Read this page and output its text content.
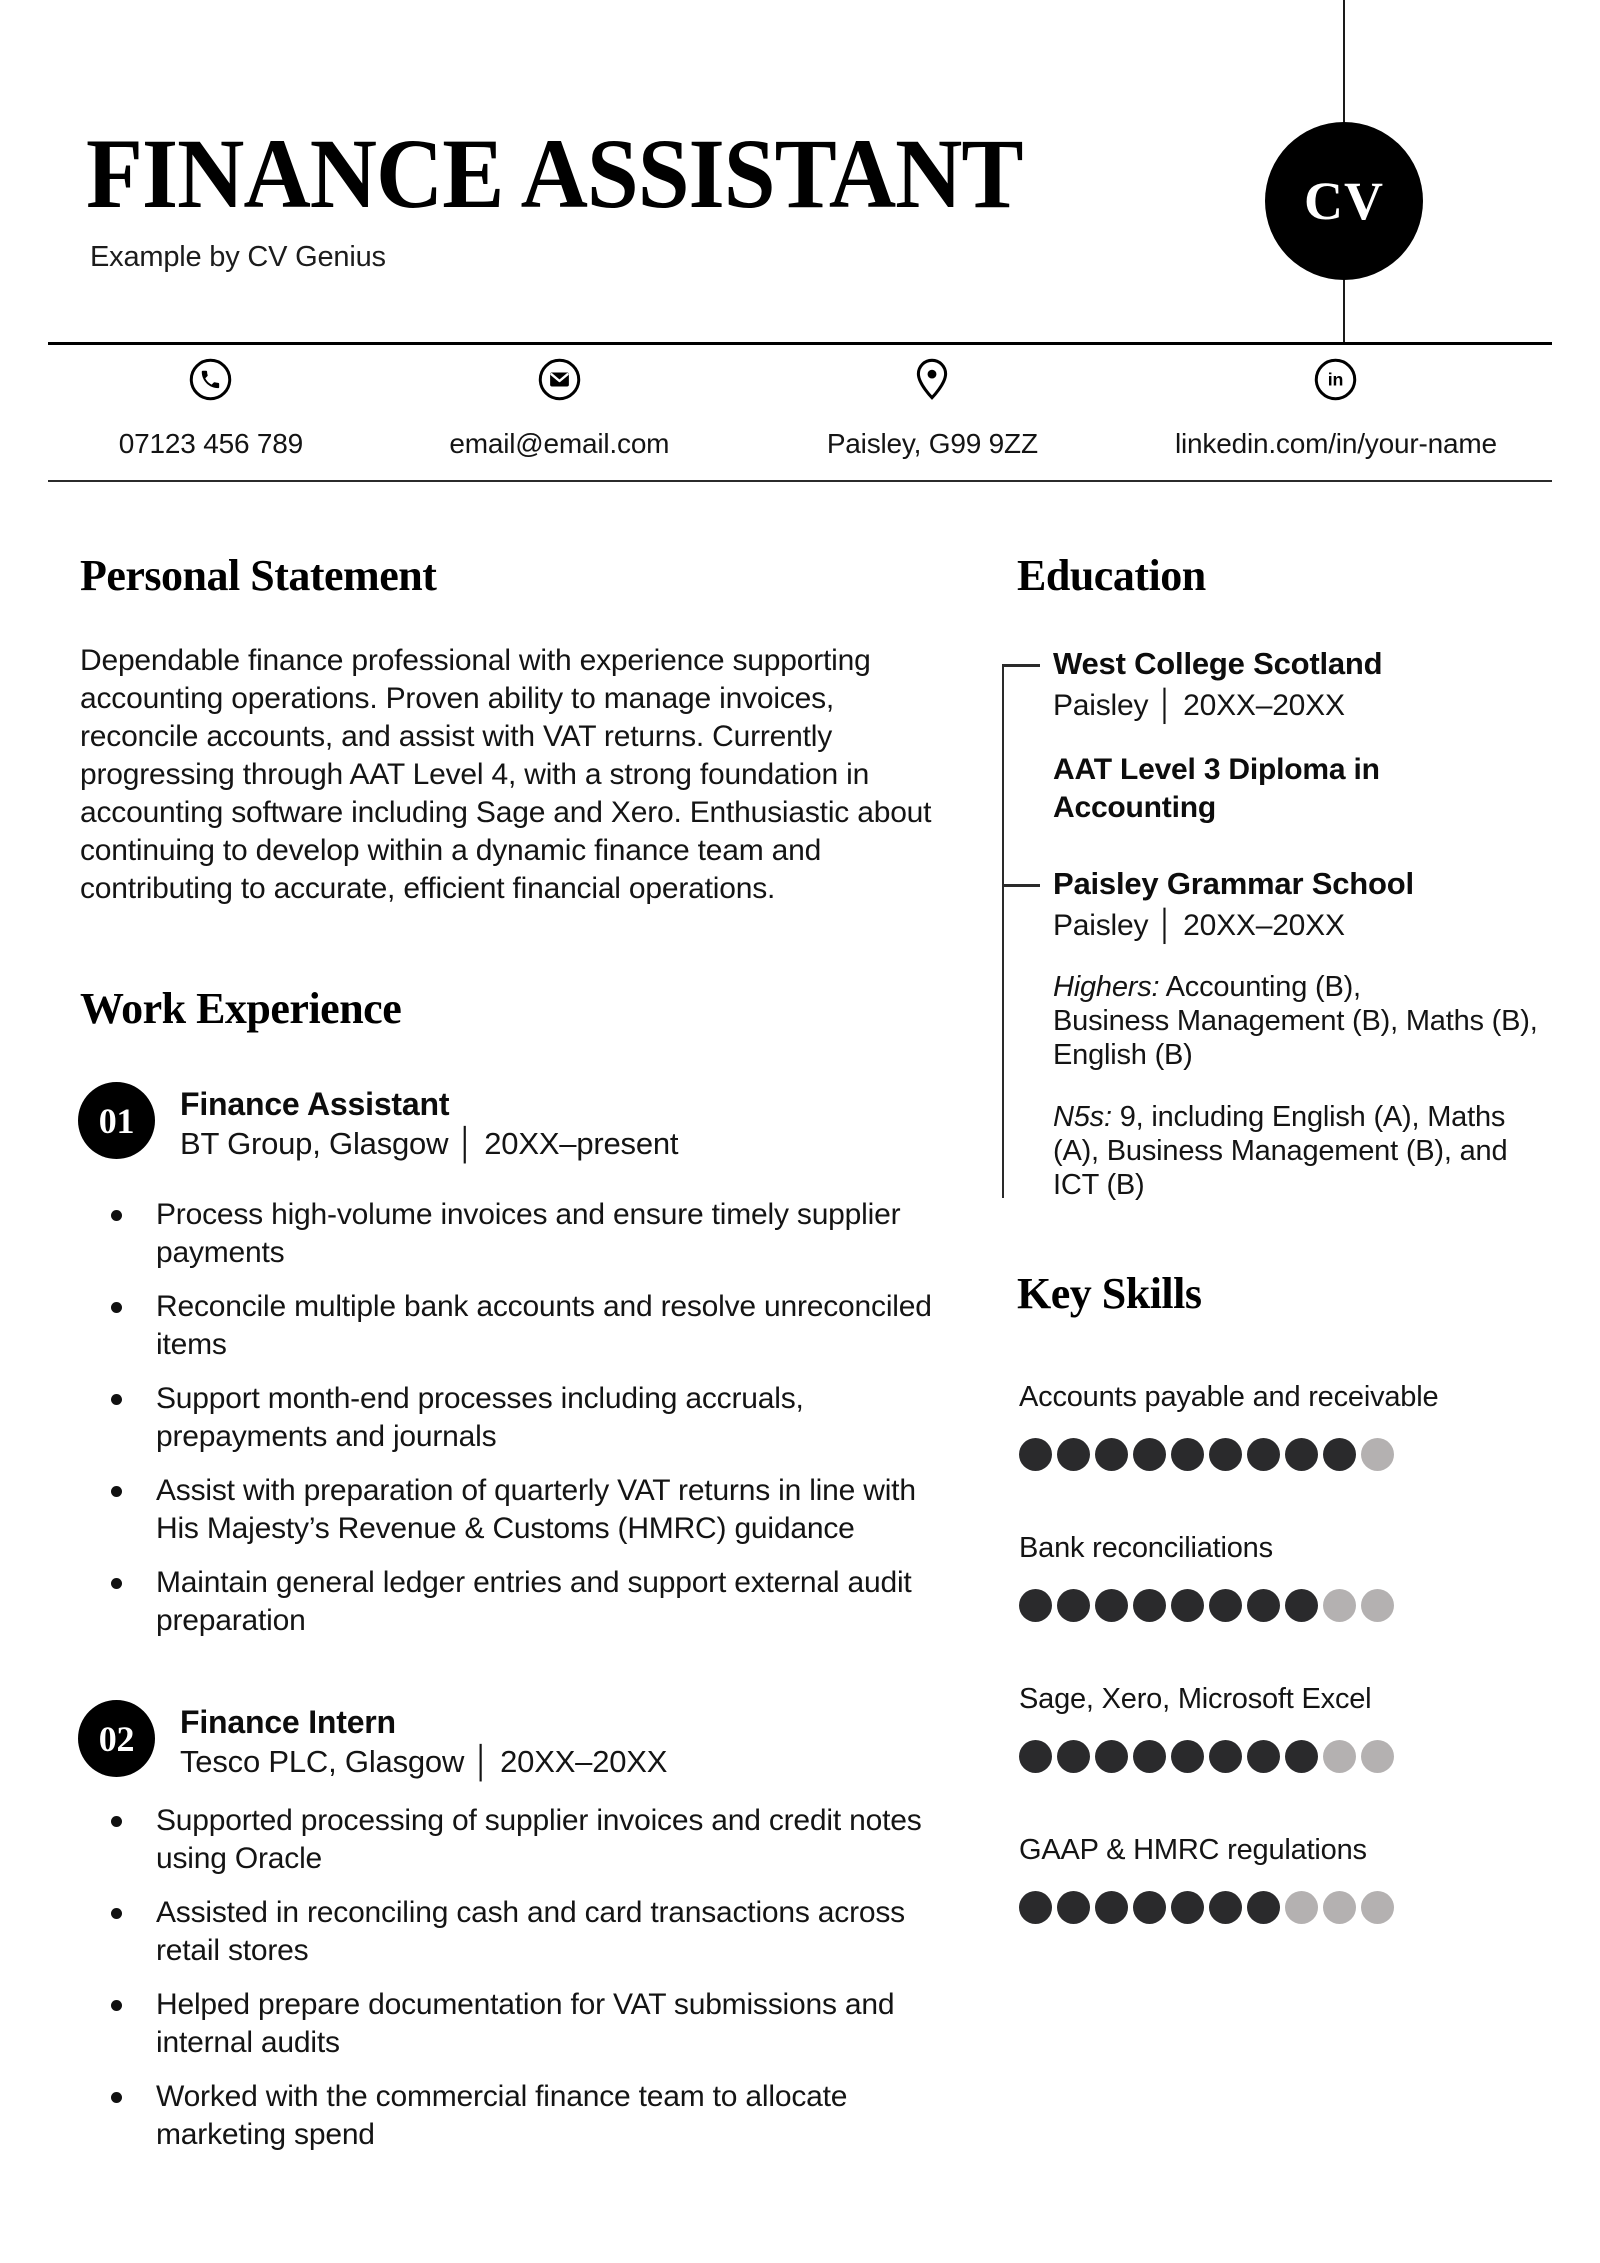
CV
FINANCE ASSISTANT
Example by CV Genius
07123 456 789	email@email.com	Paisley, G99 9ZZ
in
linkedin.com/in/your-name
Personal Statement

Dependable finance professional with experience supporting accounting operations. Proven ability to manage invoices, reconcile accounts, and assist with VAT returns. Currently progressing through AAT Level 4, with a strong foundation in accounting software including Sage and Xero. Enthusiastic about continuing to develop within a dynamic finance team and contributing to accurate, efficient financial operations.

Work Experience
01	Finance Assistant
BT Group, Glasgow │ 20XX–present
Process high-volume invoices and ensure timely supplier payments
Reconcile multiple bank accounts and resolve unreconciled items
Support month-end processes including accruals, prepayments and journals
Assist with preparation of quarterly VAT returns in line with His Majesty’s Revenue & Customs (HMRC) guidance
Maintain general ledger entries and support external audit preparation
02	Finance Intern
Tesco PLC, Glasgow │ 20XX–20XX
Supported processing of supplier invoices and credit notes using Oracle
Assisted in reconciling cash and card transactions across retail stores
Helped prepare documentation for VAT submissions and internal audits
Worked with the commercial finance team to allocate marketing spend
Education
West College Scotland
Paisley │ 20XX–20XX
AAT Level 3 Diploma in Accounting
Paisley Grammar School
Paisley │ 20XX–20XX
Highers: Accounting (B),
Business Management (B), Maths (B),
English (B)
N5s: 9, including English (A), Maths
(A), Business Management (B), and
ICT (B)
Key Skills
Accounts payable and receivable
Bank reconciliations
Sage, Xero, Microsoft Excel
GAAP & HMRC regulations
